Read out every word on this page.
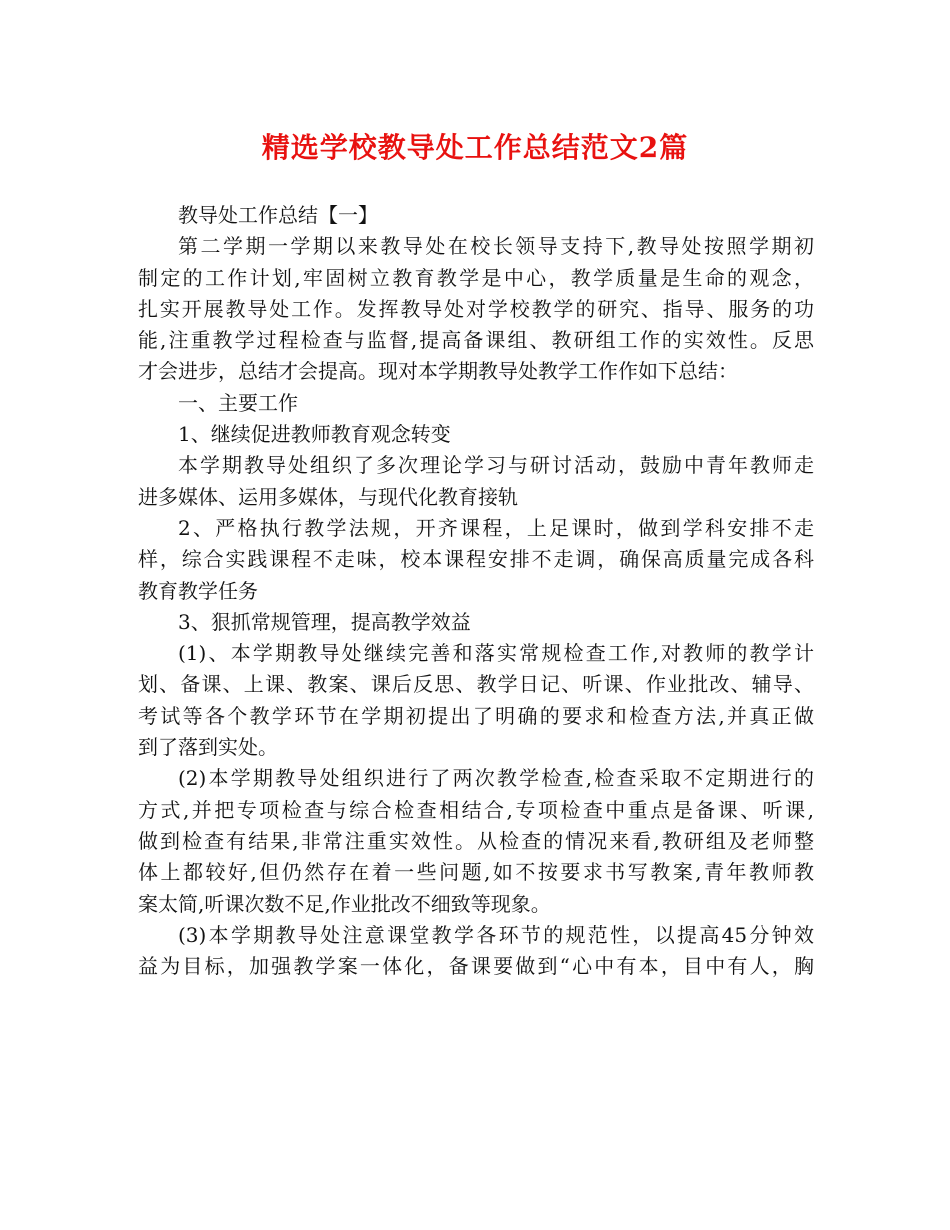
精选学校教导处工作总结范文2篇
教导处工作总结【一】
第二学期一学期以来教导处在校长领导支持下,教导处按照学期初
制定的工作计划,牢固树立教育教学是中心，教学质量是生命的观念，
扎实开展教导处工作。发挥教导处对学校教学的研究、指导、服务的功
能,注重教学过程检查与监督,提高备课组、教研组工作的实效性。反思
才会进步，总结才会提高。现对本学期教导处教学工作作如下总结：
一、主要工作
1、继续促进教师教育观念转变
本学期教导处组织了多次理论学习与研讨活动，鼓励中青年教师走
进多媒体、运用多媒体，与现代化教育接轨
2、严格执行教学法规，开齐课程，上足课时，做到学科安排不走
样，综合实践课程不走味，校本课程安排不走调，确保高质量完成各科
教育教学任务
3、狠抓常规管理，提高教学效益
(1)、本学期教导处继续完善和落实常规检查工作,对教师的教学计
划、备课、上课、教案、课后反思、教学日记、听课、作业批改、辅导、
考试等各个教学环节在学期初提出了明确的要求和检查方法,并真正做
到了落到实处。
(2)本学期教导处组织进行了两次教学检查,检查采取不定期进行的
方式,并把专项检查与综合检查相结合,专项检查中重点是备课、听课,
做到检查有结果,非常注重实效性。从检查的情况来看,教研组及老师整
体上都较好,但仍然存在着一些问题,如不按要求书写教案,青年教师教
案太简,听课次数不足,作业批改不细致等现象。
(3)本学期教导处注意课堂教学各环节的规范性，以提高45分钟效
益为目标，加强教学案一体化，备课要做到“心中有本，目中有人，胸
